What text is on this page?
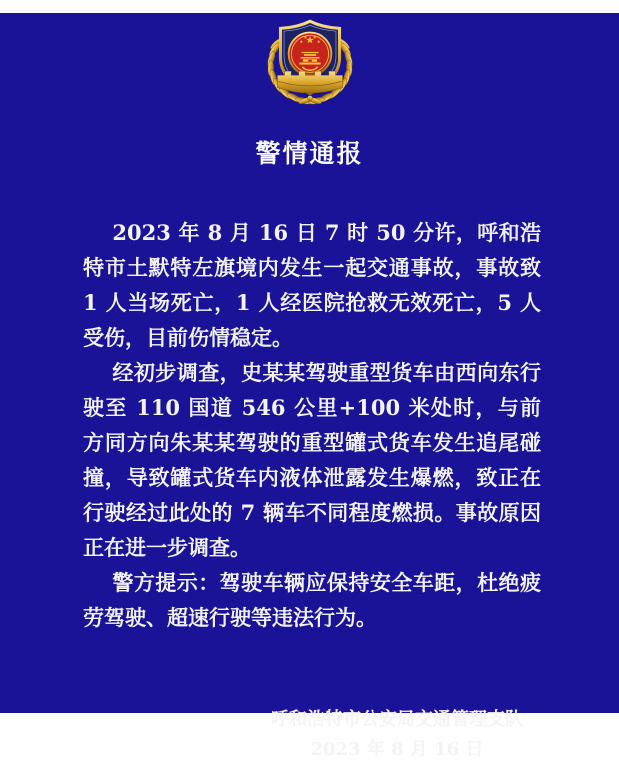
警情通报

2023 年 8 月 16 日 7 时 50 分许，呼和浩特市土默特左旗境内发生一起交通事故，事故致 1 人当场死亡，1 人经医院抢救无效死亡，5 人受伤，目前伤情稳定。

经初步调查，史某某驾驶重型货车由西向东行驶至 110 国道 546 公里+100 米处时，与前方同方向朱某某驾驶的重型罐式货车发生追尾碰撞，导致罐式货车内液体泄露发生爆燃，致正在行驶经过此处的 7 辆车不同程度燃损。事故原因正在进一步调查。

警方提示：驾驶车辆应保持安全车距，杜绝疲劳驾驶、超速行驶等违法行为。

呼和浩特市公安局交通管理支队
2023 年 8 月 16 日
